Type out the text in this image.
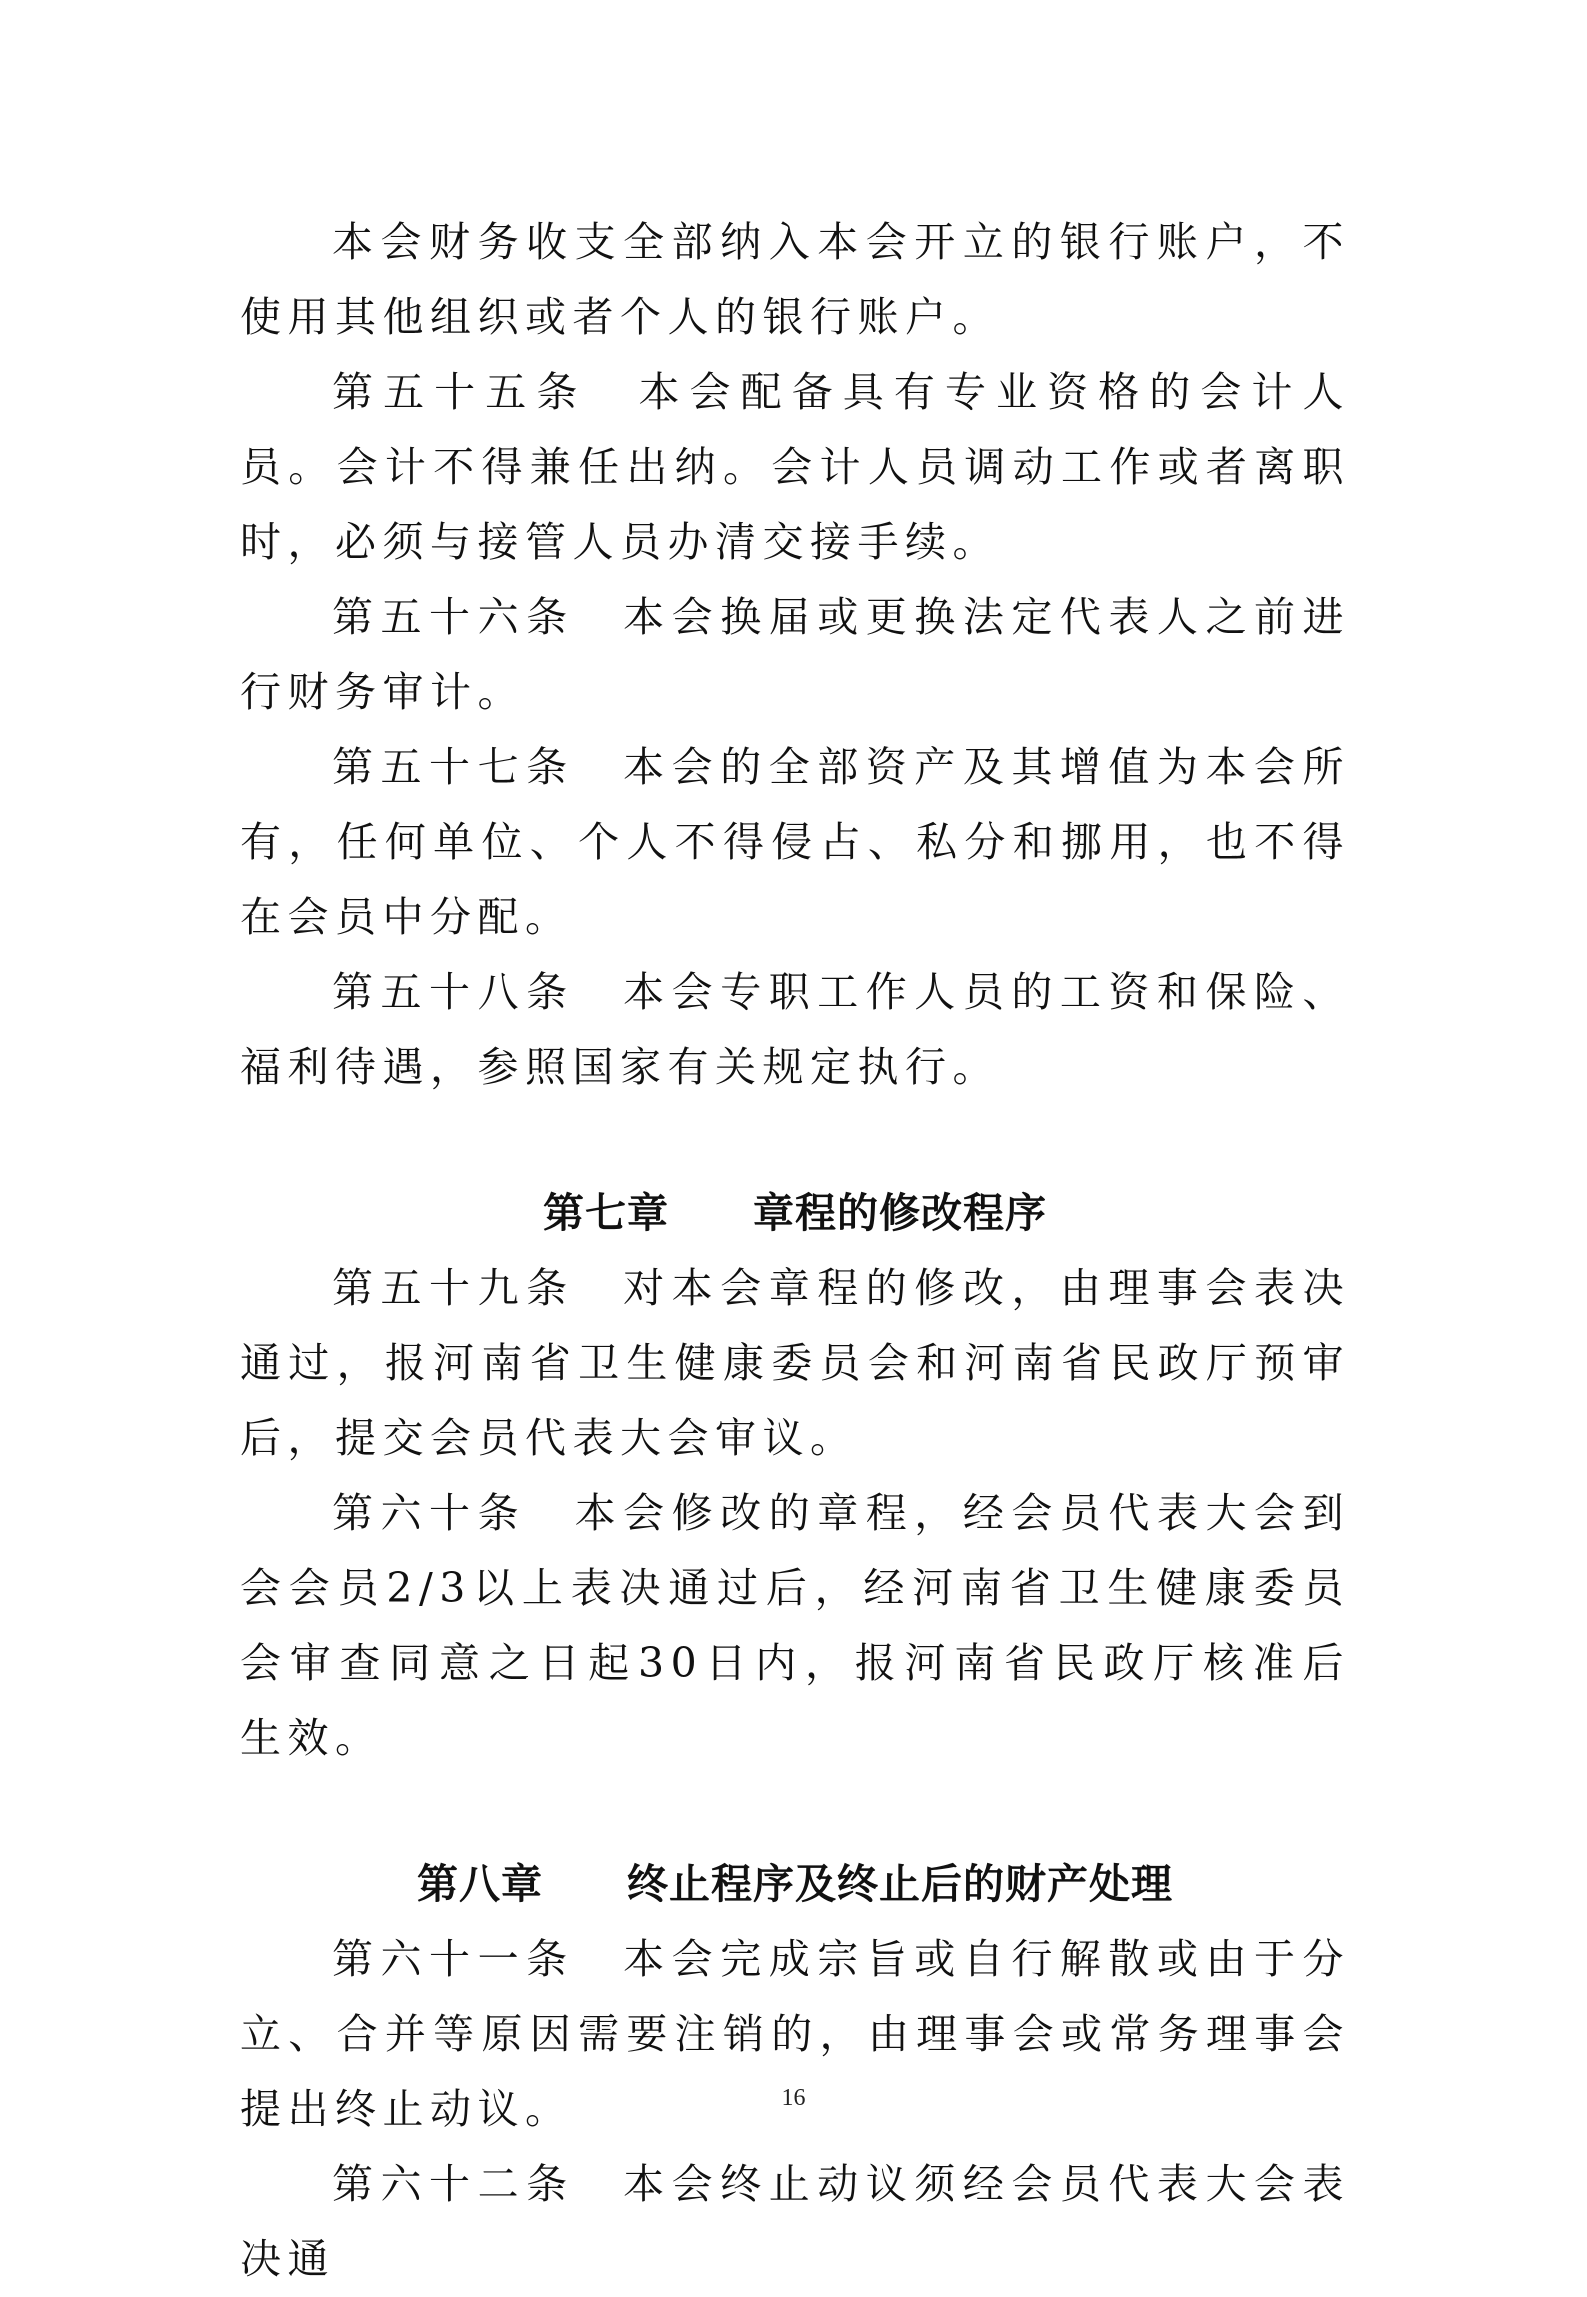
本会财务收支全部纳入本会开立的银行账户，不使用其他组织或者个人的银行账户。

第五十五条　本会配备具有专业资格的会计人员。会计不得兼任出纳。会计人员调动工作或者离职时，必须与接管人员办清交接手续。

第五十六条　本会换届或更换法定代表人之前进行财务审计。

第五十七条　本会的全部资产及其增值为本会所有，任何单位、个人不得侵占、私分和挪用，也不得在会员中分配。

第五十八条　本会专职工作人员的工资和保险、福利待遇，参照国家有关规定执行。

第七章　　章程的修改程序

第五十九条　对本会章程的修改，由理事会表决通过，报河南省卫生健康委员会和河南省民政厅预审后，提交会员代表大会审议。

第六十条　本会修改的章程，经会员代表大会到会会员2/3以上表决通过后，经河南省卫生健康委员会审查同意之日起30日内，报河南省民政厅核准后生效。

第八章　　终止程序及终止后的财产处理

第六十一条　本会完成宗旨或自行解散或由于分立、合并等原因需要注销的，由理事会或常务理事会提出终止动议。

第六十二条　本会终止动议须经会员代表大会表决通

16
